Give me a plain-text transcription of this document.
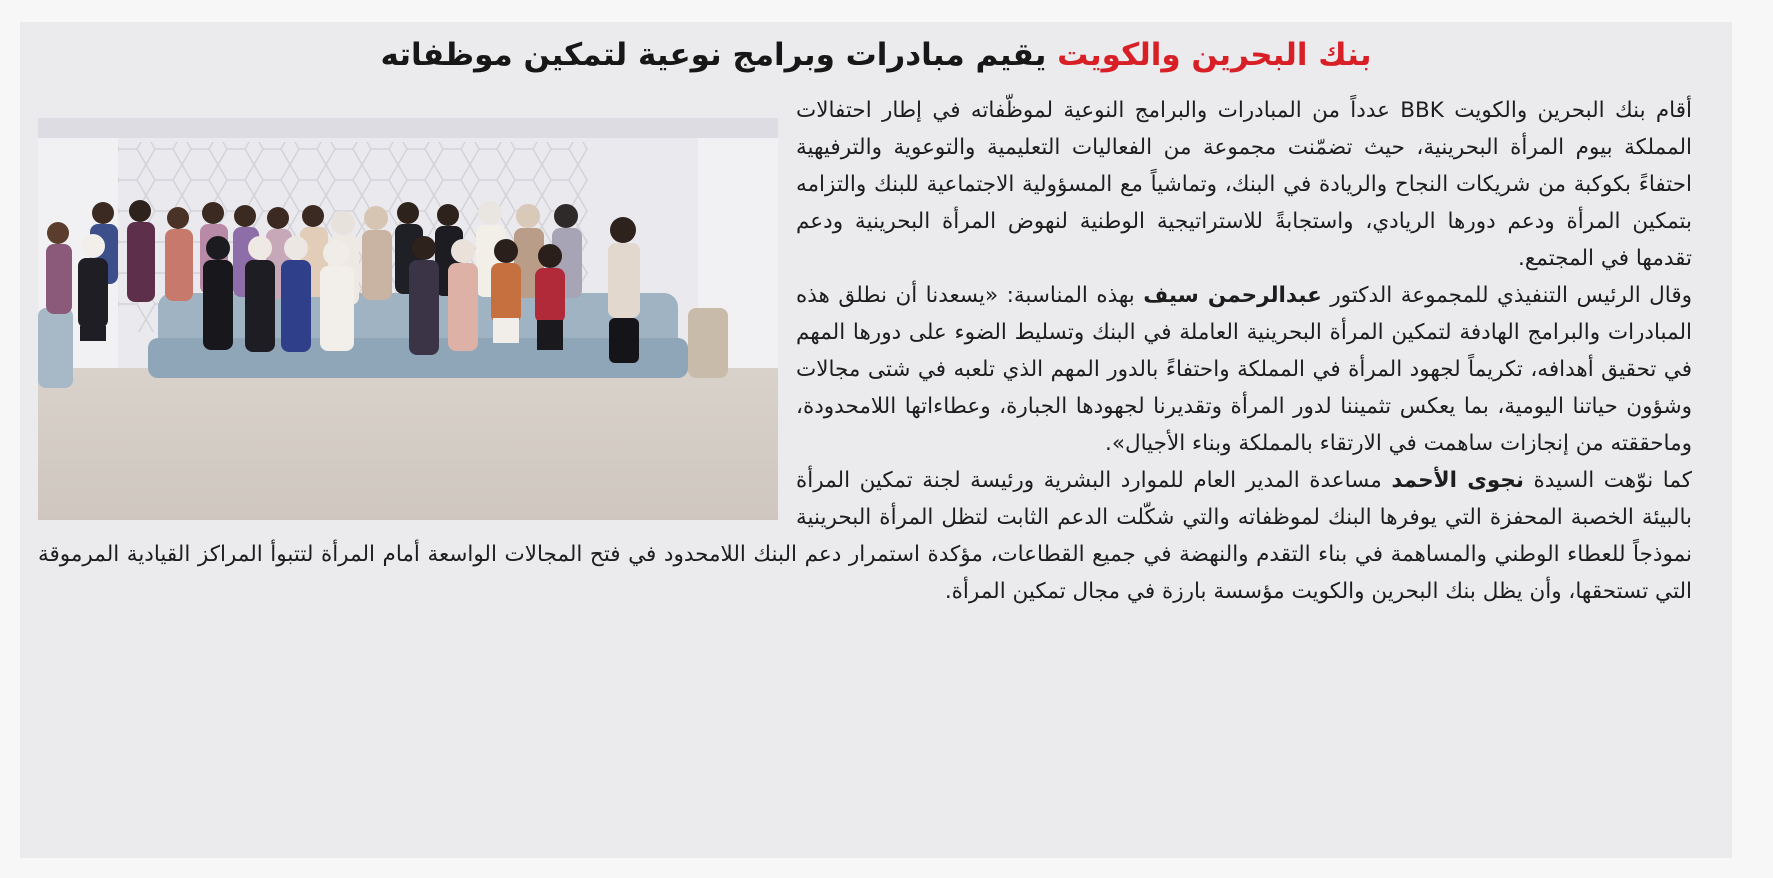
بنك البحرين والكويت يقيم مبادرات وبرامج نوعية لتمكين موظفاته

أقام بنك البحرين والكويت BBK عدداً من المبادرات والبرامج النوعية لموظّفاته في إطار احتفالات المملكة بيوم المرأة البحرينية، حيث تضمّنت مجموعة من الفعاليات التعليمية والتوعوية والترفيهية احتفاءً بكوكبة من شريكات النجاح والريادة في البنك، وتماشياً مع المسؤولية الاجتماعية للبنك والتزامه بتمكين المرأة ودعم دورها الريادي، واستجابةً للاستراتيجية الوطنية لنهوض المرأة البحرينية ودعم تقدمها في المجتمع.

وقال الرئيس التنفيذي للمجموعة الدكتور عبدالرحمن سيف بهذه المناسبة: «يسعدنا أن نطلق هذه المبادرات والبرامج الهادفة لتمكين المرأة البحرينية العاملة في البنك وتسليط الضوء على دورها المهم في تحقيق أهدافه، تكريماً لجهود المرأة في المملكة واحتفاءً بالدور المهم الذي تلعبه في شتى مجالات وشؤون حياتنا اليومية، بما يعكس تثميننا لدور المرأة وتقديرنا لجهودها الجبارة، وعطاءاتها اللامحدودة، وماحققته من إنجازات ساهمت في الارتقاء بالمملكة وبناء الأجيال».

كما نوّهت السيدة نجوى الأحمد مساعدة المدير العام للموارد البشرية ورئيسة لجنة تمكين المرأة بالبيئة الخصبة المحفزة التي يوفرها البنك لموظفاته والتي شكّلت الدعم الثابت لتظل المرأة البحرينية نموذجاً للعطاء الوطني والمساهمة في بناء التقدم والنهضة في جميع القطاعات، مؤكدة استمرار دعم البنك اللامحدود في فتح المجالات الواسعة أمام المرأة لتتبوأ المراكز القيادية المرموقة التي تستحقها، وأن يظل بنك البحرين والكويت مؤسسة بارزة في مجال تمكين المرأة.
